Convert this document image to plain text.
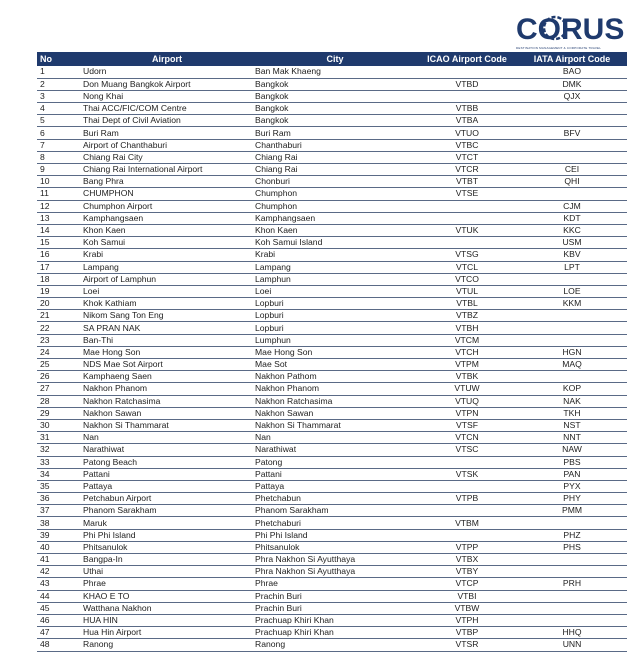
CORUS
DESTINATION MANAGEMENT & CORPORATE TRAVEL
No	Airport	City	ICAO Airport Code	IATA Airport Code
1	Udorn	Ban Mak Khaeng		BAO
2	Don Muang Bangkok Airport	Bangkok	VTBD	DMK
3	Nong Khai	Bangkok		QJX
4	Thai ACC/FIC/COM Centre	Bangkok	VTBB	
5	Thai Dept of Civil Aviation	Bangkok	VTBA	
6	Buri Ram	Buri Ram	VTUO	BFV
7	Airport of Chanthaburi	Chanthaburi	VTBC	
8	Chiang Rai City	Chiang Rai	VTCT	
9	Chiang Rai International Airport	Chiang Rai	VTCR	CEI
10	Bang Phra	Chonburi	VTBT	QHI
11	CHUMPHON	Chumphon	VTSE	
12	Chumphon Airport	Chumphon		CJM
13	Kamphangsaen	Kamphangsaen		KDT
14	Khon Kaen	Khon Kaen	VTUK	KKC
15	Koh Samui	Koh Samui Island		USM
16	Krabi	Krabi	VTSG	KBV
17	Lampang	Lampang	VTCL	LPT
18	Airport of Lamphun	Lamphun	VTCO	
19	Loei	Loei	VTUL	LOE
20	Khok Kathiam	Lopburi	VTBL	KKM
21	Nikom Sang Ton Eng	Lopburi	VTBZ	
22	SA PRAN NAK	Lopburi	VTBH	
23	Ban-Thi	Lumphun	VTCM	
24	Mae Hong Son	Mae Hong Son	VTCH	HGN
25	NDS Mae Sot Airport	Mae Sot	VTPM	MAQ
26	Kamphaeng Saen	Nakhon Pathom	VTBK	
27	Nakhon Phanom	Nakhon Phanom	VTUW	KOP
28	Nakhon Ratchasima	Nakhon Ratchasima	VTUQ	NAK
29	Nakhon Sawan	Nakhon Sawan	VTPN	TKH
30	Nakhon Si Thammarat	Nakhon Si Thammarat	VTSF	NST
31	Nan	Nan	VTCN	NNT
32	Narathiwat	Narathiwat	VTSC	NAW
33	Patong Beach	Patong		PBS
34	Pattani	Pattani	VTSK	PAN
35	Pattaya	Pattaya		PYX
36	Petchabun Airport	Phetchabun	VTPB	PHY
37	Phanom Sarakham	Phanom Sarakham		PMM
38	Maruk	Phetchaburi	VTBM	
39	Phi Phi Island	Phi Phi Island		PHZ
40	Phitsanulok	Phitsanulok	VTPP	PHS
41	Bangpa-In	Phra Nakhon Si Ayutthaya	VTBX	
42	Uthai	Phra Nakhon Si Ayutthaya	VTBY	
43	Phrae	Phrae	VTCP	PRH
44	KHAO E TO	Prachin Buri	VTBI	
45	Watthana Nakhon	Prachin Buri	VTBW	
46	HUA HIN	Prachuap Khiri Khan	VTPH	
47	Hua Hin Airport	Prachuap Khiri Khan	VTBP	HHQ
48	Ranong	Ranong	VTSR	UNN
